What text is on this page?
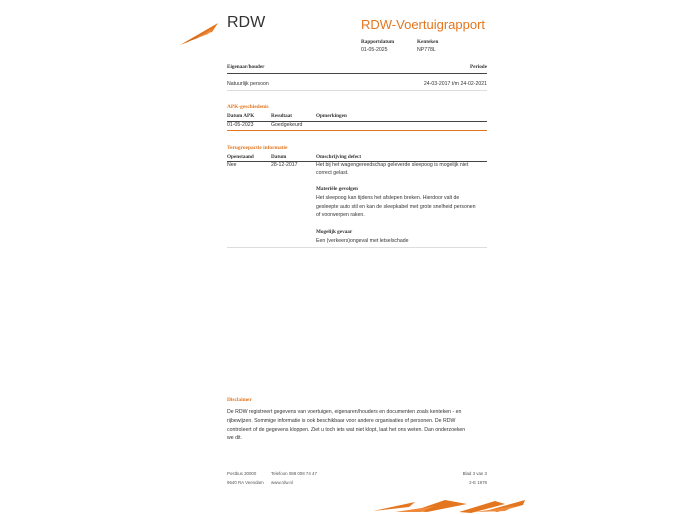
RDW	RDW-Voertuigrapport
Rapportdatum
01-05-2025
Kenteken
NP778L
Eigenaar/houder	Periode
Natuurlijk persoon	24-03-2017 t/m 24-02-2021
APK-geschiedenis
Datum APK	Resultaat	Opmerkingen
01-05-2023	Goedgekeurd
Terugroepactie informatie
Openstaand	Datum	Omschrijving defect
Nee	28-12-2017	Het bij het wagengereedschap geleverde sleepoog is mogelijk niet
correct gelast.
Materiële gevolgen
Het sleepoog kan tijdens het afslepen breken. Hierdoor valt de
gesleepte auto stil en kan de sleepkabel met grote snelheid personen
of voorwerpen raken.
Mogelijk gevaar
Een (verkeers)ongeval met letselschade
Disclaimer
De RDW registreert gegevens van voertuigen, eigenaren/houders en documenten zoals kenteken - en
rijbewijzen. Sommige informatie is ook beschikbaar voor andere organisaties of personen. De RDW
controleert of de gegevens kloppen. Ziet u toch iets wat niet klopt, laat het ons weten. Dan onderzoeken
we dit.
Postbus 30000
9640 RA Veendam
Telefoon 088 008 74 47
www.rdw.nl
Blad 3 van 3
2-E 1978
